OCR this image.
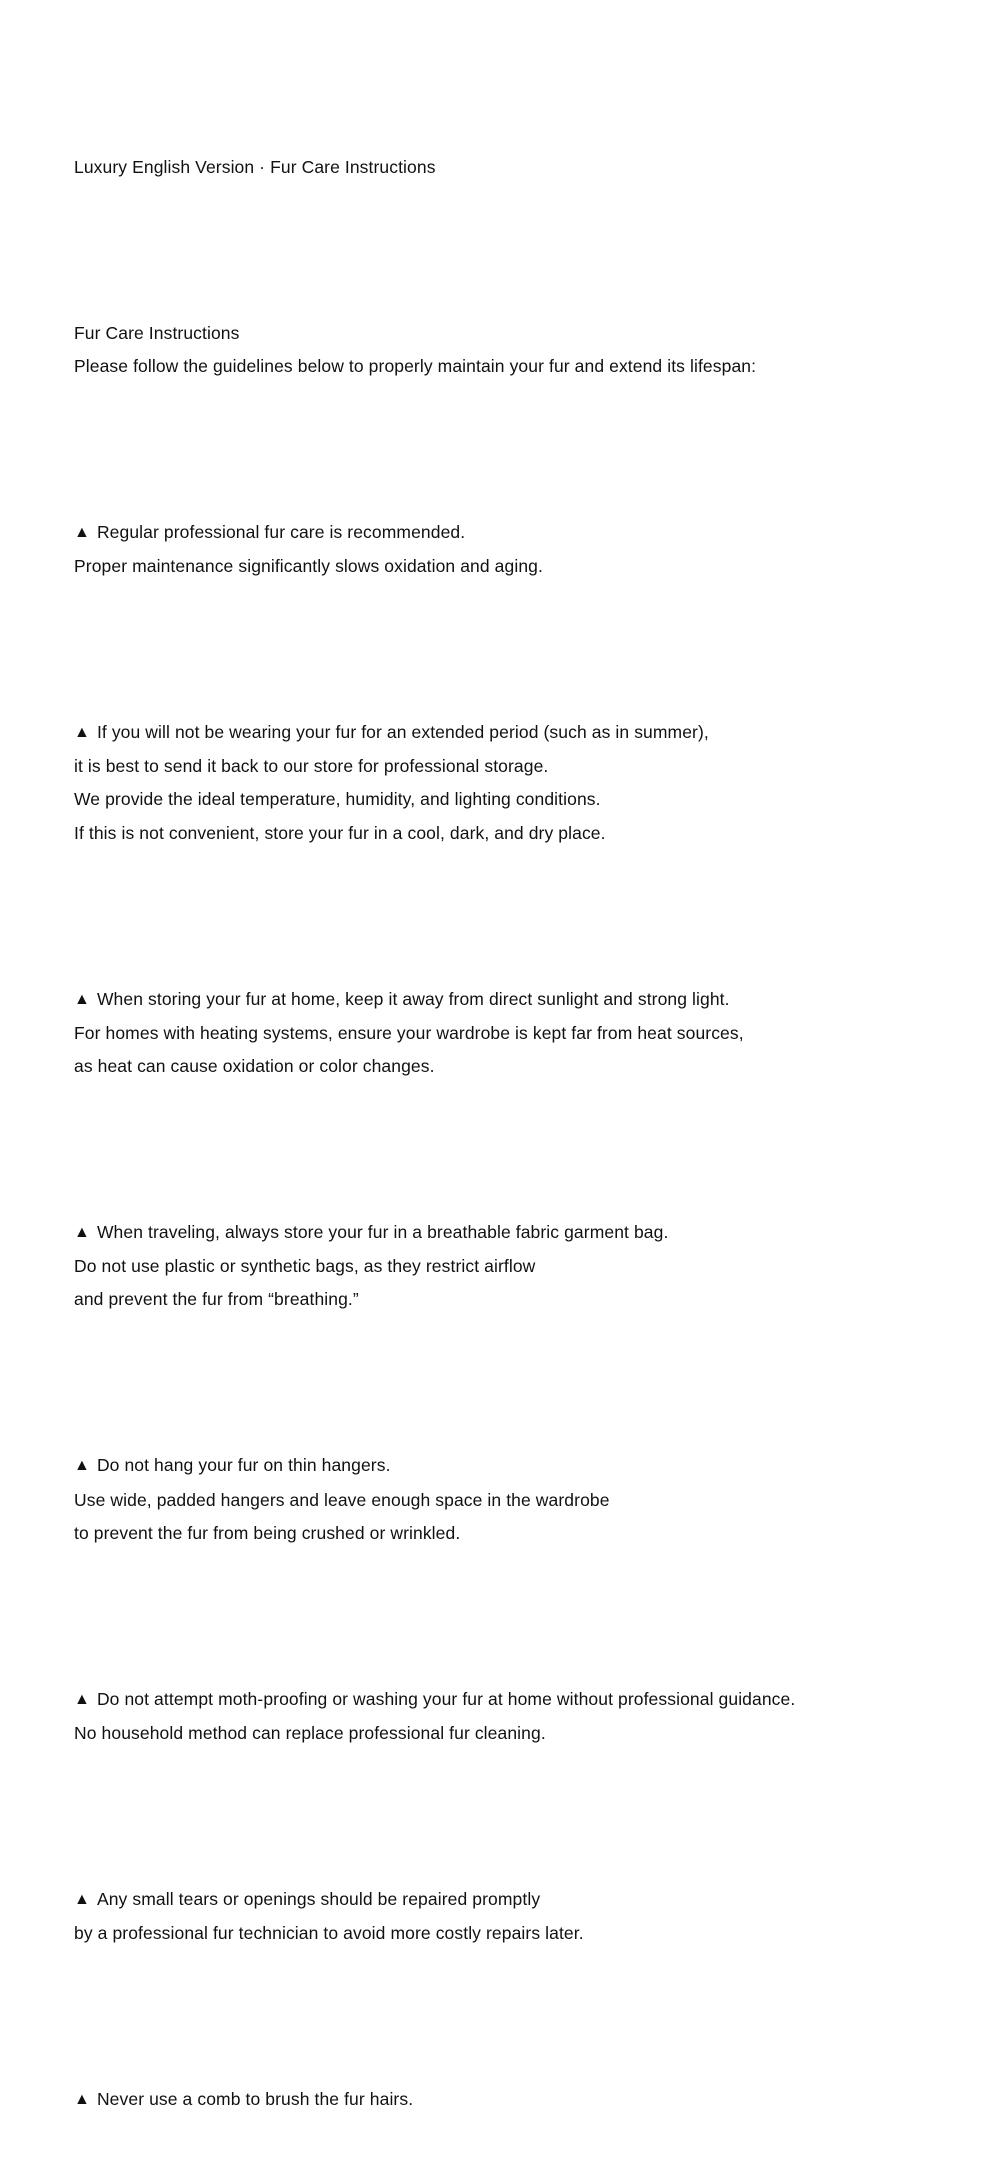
Luxury English Version · Fur Care Instructions

Fur Care Instructions
Please follow the guidelines below to properly maintain your fur and extend its lifespan:

▲ Regular professional fur care is recommended.
Proper maintenance significantly slows oxidation and aging.

▲ If you will not be wearing your fur for an extended period (such as in summer),
it is best to send it back to our store for professional storage.
We provide the ideal temperature, humidity, and lighting conditions.
If this is not convenient, store your fur in a cool, dark, and dry place.

▲ When storing your fur at home, keep it away from direct sunlight and strong light.
For homes with heating systems, ensure your wardrobe is kept far from heat sources,
as heat can cause oxidation or color changes.

▲ When traveling, always store your fur in a breathable fabric garment bag.
Do not use plastic or synthetic bags, as they restrict airflow
and prevent the fur from “breathing.”

▲ Do not hang your fur on thin hangers.
Use wide, padded hangers and leave enough space in the wardrobe
to prevent the fur from being crushed or wrinkled.

▲ Do not attempt moth-proofing or washing your fur at home without professional guidance.
No household method can replace professional fur cleaning.

▲ Any small tears or openings should be repaired promptly
by a professional fur technician to avoid more costly repairs later.

▲ Never use a comb to brush the fur hairs.
